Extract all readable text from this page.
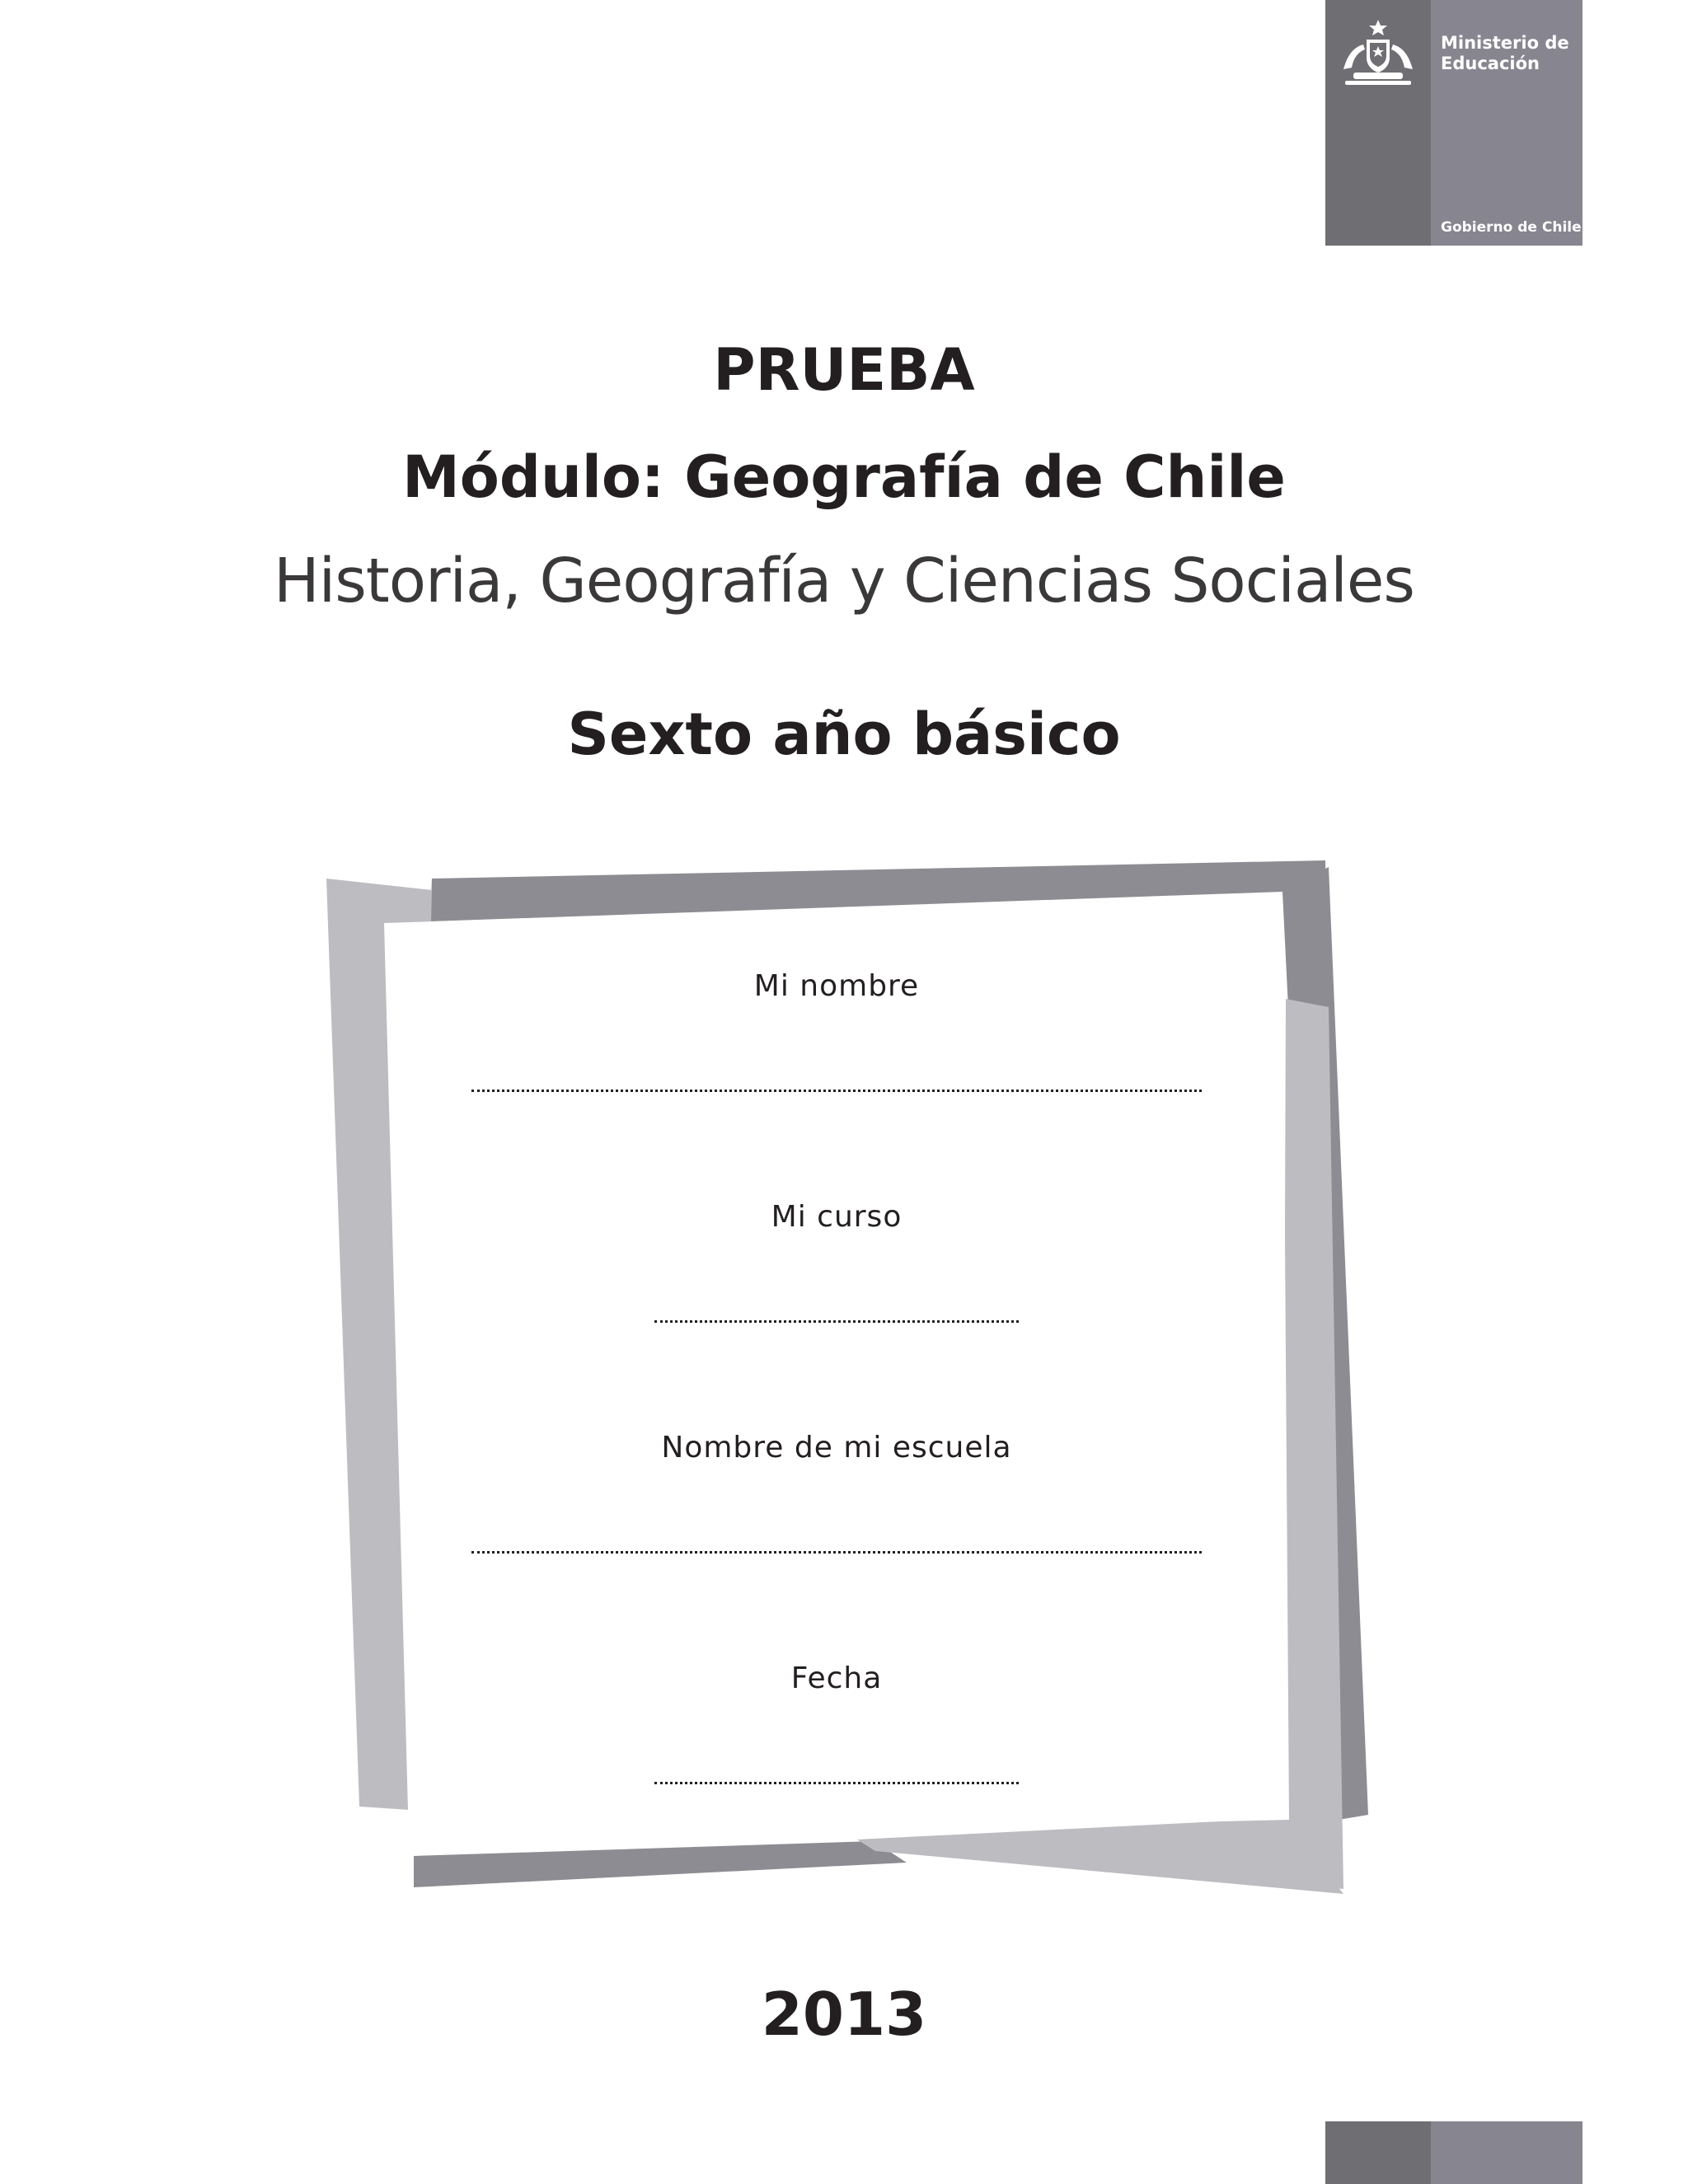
Ministerio de
Educación
Gobierno de Chile
PRUEBA
Módulo: Geografía de Chile
Historia, Geografía y Ciencias Sociales
Sexto año básico
Mi nombre
Mi curso
Nombre de mi escuela
Fecha
2013
